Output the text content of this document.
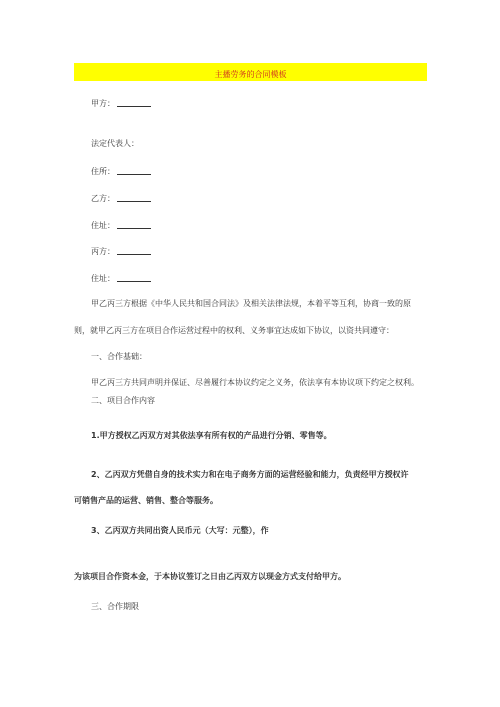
主播劳务的合同模板
甲方：
法定代表人：
住所：
乙方：
住址：
丙方：
住址：
甲乙丙三方根据《中华人民共和国合同法》及相关法律法规，本着平等互利，协商一致的原
则，就甲乙丙三方在项目合作运营过程中的权利、义务事宜达成如下协议，以资共同遵守：
一、合作基础：
甲乙丙三方共同声明并保证、尽善履行本协议约定之义务，依法享有本协议项下约定之权利。
二、项目合作内容
1.甲方授权乙丙双方对其依法享有所有权的产品进行分销、零售等。
2、乙丙双方凭借自身的技术实力和在电子商务方面的运营经验和能力，负责经甲方授权许
可销售产品的运营、销售、整合等服务。
3、乙丙双方共同出资人民币元（大写：元整），作
为该项目合作资本金，于本协议签订之日由乙丙双方以现金方式支付给甲方。
三、合作期限
